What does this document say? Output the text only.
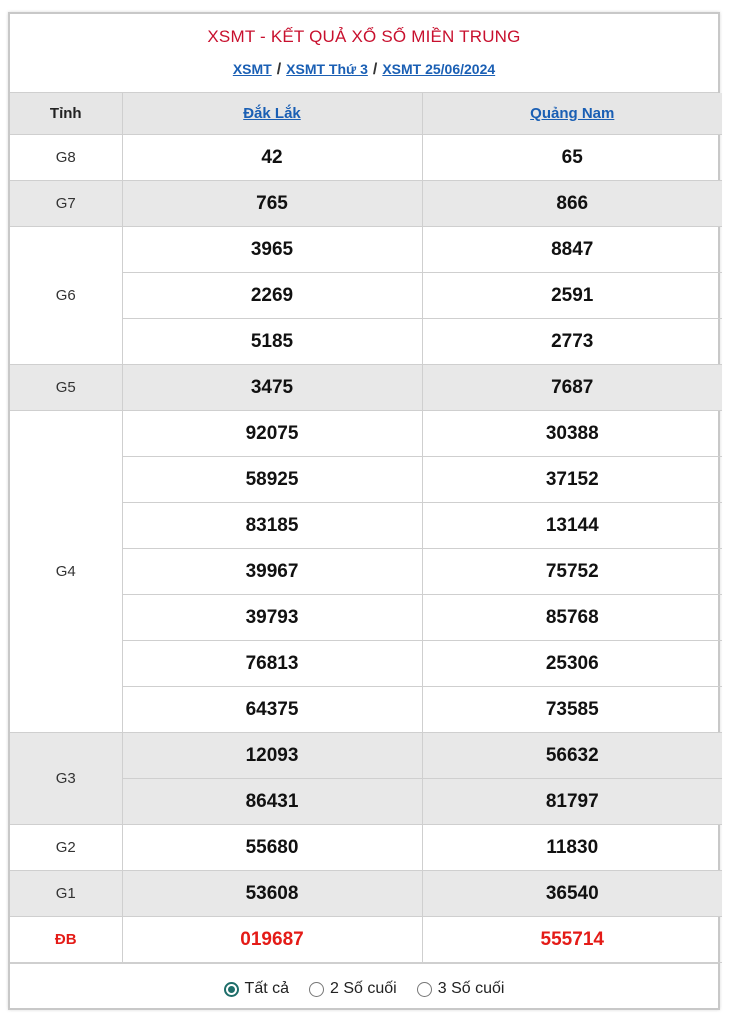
XSMT - KẾT QUẢ XỔ SỐ MIỀN TRUNG
XSMT / XSMT Thứ 3 / XSMT 25/06/2024
Tỉnh	Đắk Lắk	Quảng Nam
G8	42	65
G7	765	866
G6	3965	8847
	2269	2591
	5185	2773
G5	3475	7687
G4	92075	30388
	58925	37152
	83185	13144
	39967	75752
	39793	85768
	76813	25306
	64375	73585
G3	12093	56632
	86431	81797
G2	55680	11830
G1	53608	36540
ĐB	019687	555714
Tất cả	2 Số cuối	3 Số cuối
